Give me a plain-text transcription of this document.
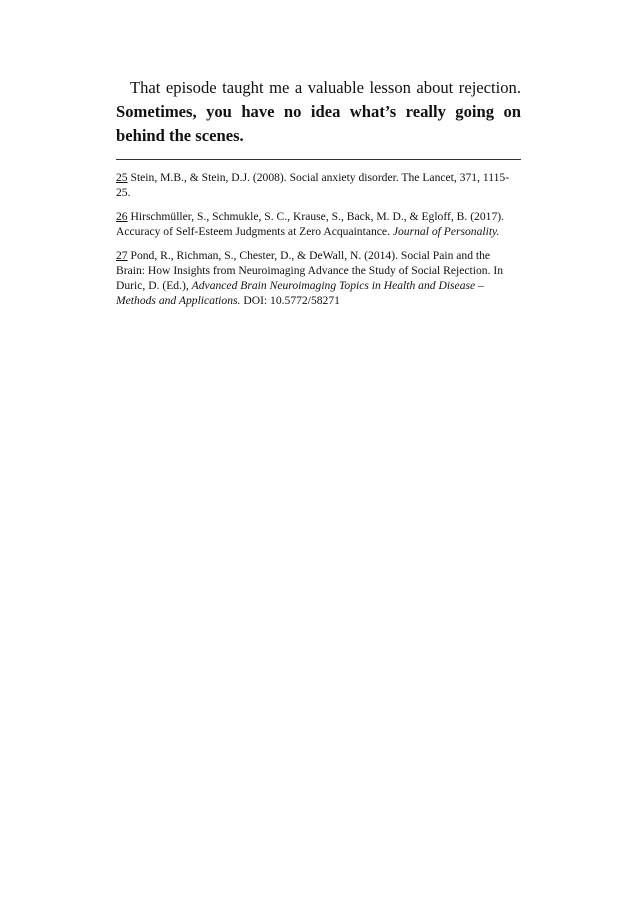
That episode taught me a valuable lesson about rejection. Sometimes, you have no idea what’s really going on behind the scenes.

25 Stein, M.B., & Stein, D.J. (2008). Social anxiety disorder. The Lancet, 371, 1115-25.

26 Hirschmüller, S., Schmukle, S. C., Krause, S., Back, M. D., & Egloff, B. (2017). Accuracy of Self-Esteem Judgments at Zero Acquaintance. Journal of Personality.

27 Pond, R., Richman, S., Chester, D., & DeWall, N. (2014). Social Pain and the Brain: How Insights from Neuroimaging Advance the Study of Social Rejection. In Duric, D. (Ed.), Advanced Brain Neuroimaging Topics in Health and Disease – Methods and Applications. DOI: 10.5772/58271
